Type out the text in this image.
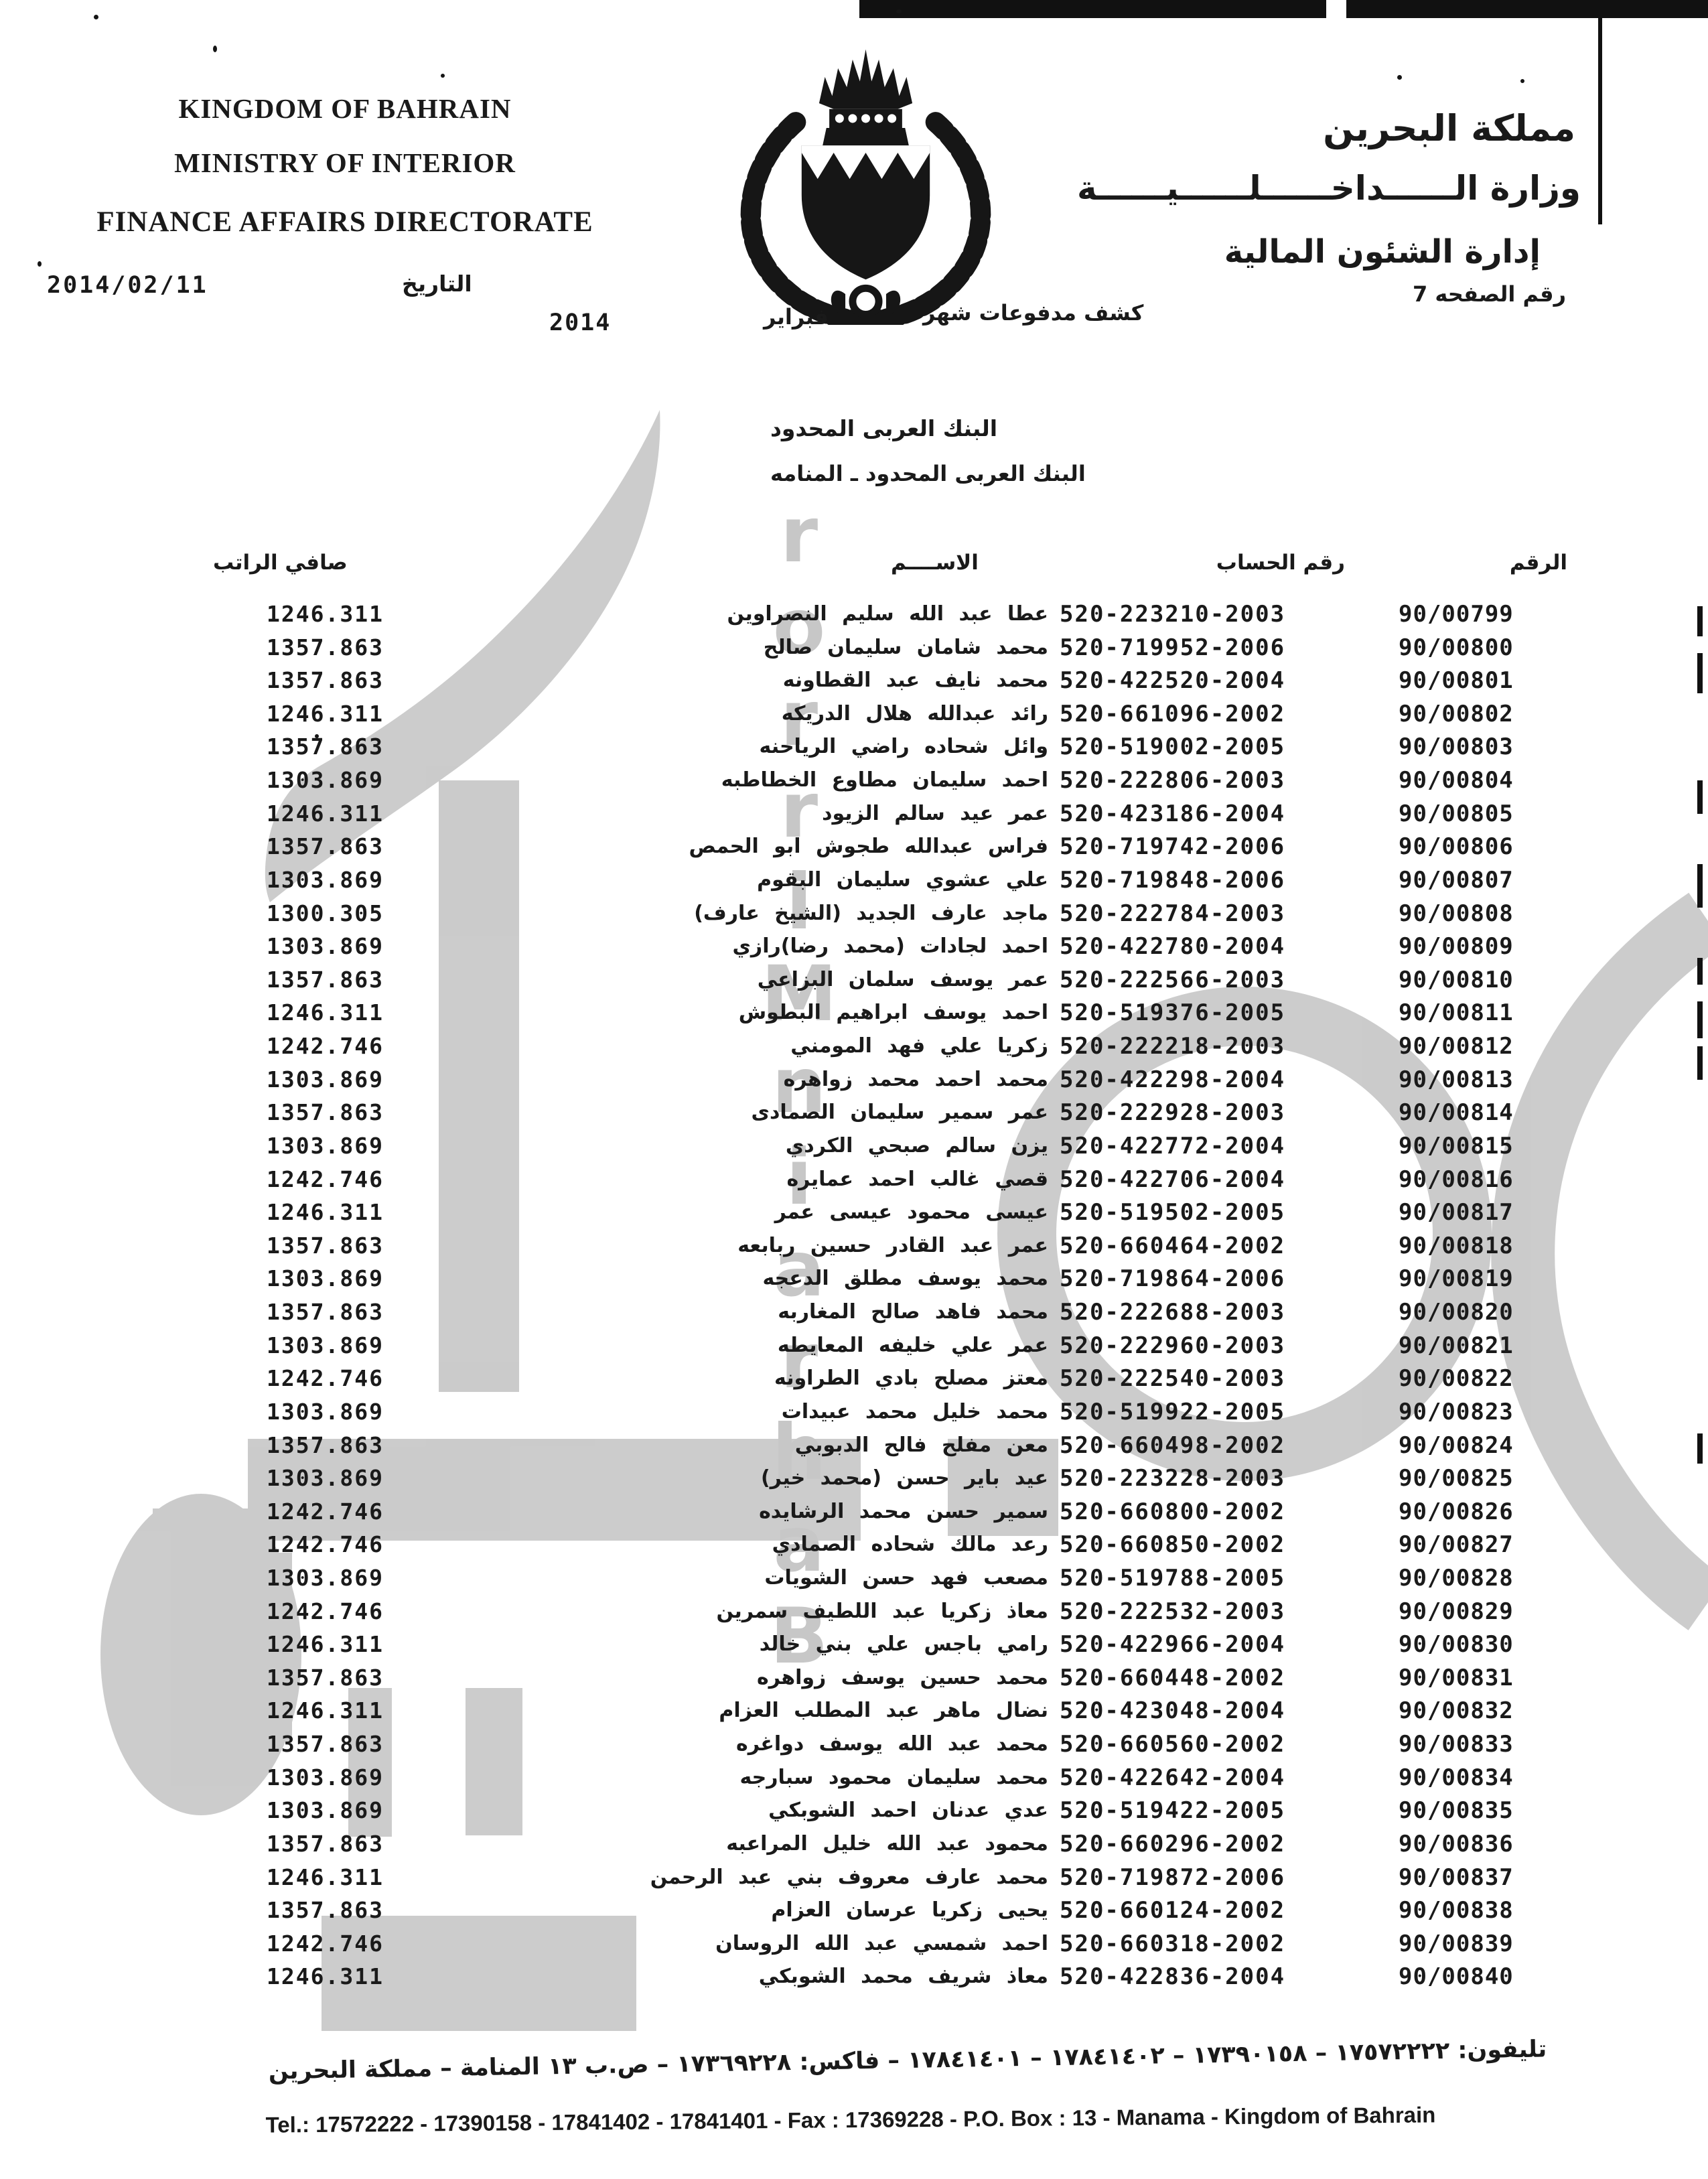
r
o
r
r
i
M
n
i
a
r
h
a
B
KINGDOM OF BAHRAIN
MINISTRY OF INTERIOR
FINANCE AFFAIRS DIRECTORATE
مملكة البحرين
وزارة الــــــداخــــــلــــــيــــــة
إدارة الشئون المالية
2014/02/11	التاريخ	رقم الصفحه 7
كشف مدفوعات شهر
فبراير
2014
البنك العربى المحدود
البنك العربى المحدود ـ المنامه
صافي الراتب	الاســــم	رقم الحساب	الرقم
1246.311	عطا عبد الله سليم النصراوين 520-223210-2003	90/00799
1357.863	محمد شامان سليمان صالح 520-719952-2006	90/00800
1357.863	محمد نايف عبد القطاونه 520-422520-2004	90/00801
1246.311	رائد عبدالله هلال الدريكه 520-661096-2002	90/00802
1357.863	وائل شحاده راضي الرياحنه 520-519002-2005	90/00803
1303.869	احمد سليمان مطاوع الخطاطبه 520-222806-2003	90/00804
1246.311	عمر عيد سالم الزيود 520-423186-2004	90/00805
1357.863	فراس عبدالله طجوش ابو الحمص 520-719742-2006	90/00806
1303.869	علي عشوي سليمان البقوم 520-719848-2006	90/00807
1300.305	ماجد عارف الجديد (الشيخ عارف) 520-222784-2003	90/00808
1303.869	احمد لجادات (محمد رضا)رازي 520-422780-2004	90/00809
1357.863	عمر يوسف سلمان البزاعي 520-222566-2003	90/00810
1246.311	احمد يوسف ابراهيم البطوش 520-519376-2005	90/00811
1242.746	زكريا علي فهد المومني 520-222218-2003	90/00812
1303.869	محمد احمد محمد زواهره 520-422298-2004	90/00813
1357.863	عمر سمير سليمان الصمادى 520-222928-2003	90/00814
1303.869	يزن سالم صبحي الكردي 520-422772-2004	90/00815
1242.746	قصي غالب احمد عمايره 520-422706-2004	90/00816
1246.311	عيسى محمود عيسى عمر 520-519502-2005	90/00817
1357.863	عمر عبد القادر حسين ربابعه 520-660464-2002	90/00818
1303.869	محمد يوسف مطلق الدعجه 520-719864-2006	90/00819
1357.863	محمد فاهد صالح المغاربه 520-222688-2003	90/00820
1303.869	عمر علي خليفه المعايطه 520-222960-2003	90/00821
1242.746	معتز مصلح بادي الطراونه 520-222540-2003	90/00822
1303.869	محمد خليل محمد عبيدات 520-519922-2005	90/00823
1357.863	معن مفلح فالح الدبوبي 520-660498-2002	90/00824
1303.869	عيد باير حسن (محمد خير) 520-223228-2003	90/00825
1242.746	سمير حسن محمد الرشايده 520-660800-2002	90/00826
1242.746	رعد مالك شحاده الصمادي 520-660850-2002	90/00827
1303.869	مصعب فهد حسن الشويات 520-519788-2005	90/00828
1242.746	معاذ زكريا عبد اللطيف سمرين 520-222532-2003	90/00829
1246.311	رامي باجس علي بني خالد 520-422966-2004	90/00830
1357.863	محمد حسين يوسف زواهره 520-660448-2002	90/00831
1246.311	نضال ماهر عبد المطلب العزام 520-423048-2004	90/00832
1357.863	محمد عبد الله يوسف دواغره 520-660560-2002	90/00833
1303.869	محمد سليمان محمود سبارجه 520-422642-2004	90/00834
1303.869	عدي عدنان احمد الشوبكي 520-519422-2005	90/00835
1357.863	محمود عبد الله خليل المراعبه 520-660296-2002	90/00836
1246.311	محمد عارف معروف بني عبد الرحمن 520-719872-2006	90/00837
1357.863	يحيى زكريا عرسان العزام 520-660124-2002	90/00838
1242.746	احمد شمسي عبد الله الروسان 520-660318-2002	90/00839
1246.311	معاذ شريف محمد الشوبكي 520-422836-2004	90/00840
تليفون: ١٧٥٧٢٢٢٢ – ١٧٣٩٠١٥٨ – ١٧٨٤١٤٠٢ – ١٧٨٤١٤٠١ – فاكس: ١٧٣٦٩٢٢٨ – ص.ب ١٣ المنامة – مملكة البحرين
Tel.: 17572222 - 17390158 - 17841402 - 17841401 - Fax : 17369228 - P.O. Box : 13 - Manama - Kingdom of Bahrain
